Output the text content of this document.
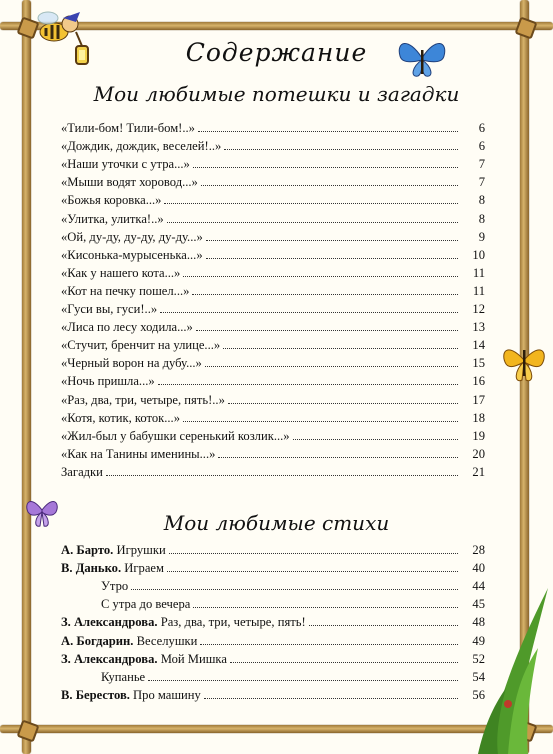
Содержание
Мои любимые потешки и загадки
Мои любимые стихи
«Тили-бом! Тили-бом!..»	6
«Дождик, дождик, веселей!..»	6
«Наши уточки с утра...»	7
«Мыши водят хоровод...»	7
«Божья коровка...»	8
«Улитка, улитка!..»	8
«Ой, ду-ду, ду-ду, ду-ду...»	9
«Кисонька-мурысенька...»	10
«Как у нашего кота...»	11
«Кот на печку пошел...»	11
«Гуси вы, гуси!..»	12
«Лиса по лесу ходила...»	13
«Стучит, бренчит на улице...»	14
«Черный ворон на дубу...»	15
«Ночь пришла...»	16
«Раз, два, три, четыре, пять!..»	17
«Котя, котик, коток...»	18
«Жил-был у бабушки серенький козлик...»	19
«Как на Танины именины...»	20
Загадки	21
А. Барто. Игрушки	28
В. Данько. Играем	40
Утро	44
С утра до вечера	45
З. Александрова. Раз, два, три, четыре, пять!	48
А. Богдарин. Веселушки	49
З. Александрова. Мой Мишка	52
Купанье	54
В. Берестов. Про машину	56
